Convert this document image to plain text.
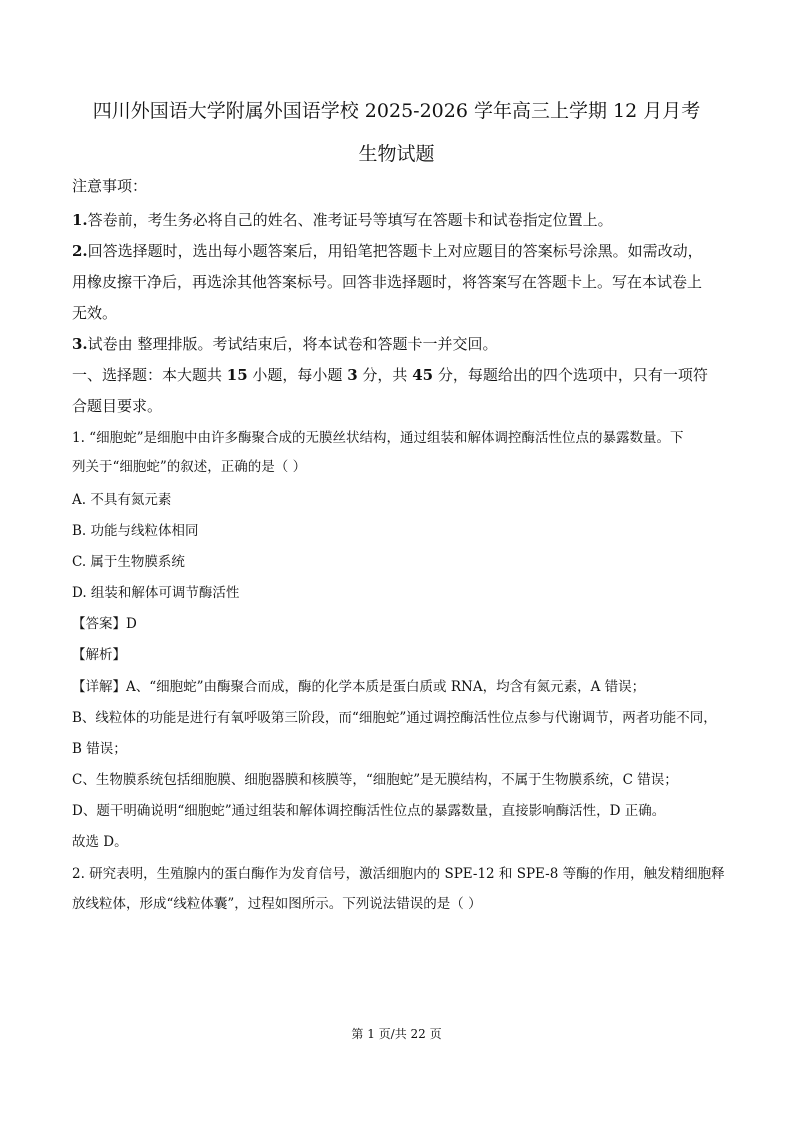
四川外国语大学附属外国语学校 2025-2026 学年高三上学期 12 月月考
生物试题
注意事项：
1.答卷前，考生务必将自己的姓名、准考证号等填写在答题卡和试卷指定位置上。
2.回答选择题时，选出每小题答案后，用铅笔把答题卡上对应题目的答案标号涂黑。如需改动，
用橡皮擦干净后，再选涂其他答案标号。回答非选择题时，将答案写在答题卡上。写在本试卷上
无效。
3.试卷由 整理排版。考试结束后，将本试卷和答题卡一并交回。
一、选择题：本大题共 15 小题，每小题 3 分，共 45 分，每题给出的四个选项中，只有一项符
合题目要求。
1. “细胞蛇”是细胞中由许多酶聚合成的无膜丝状结构，通过组装和解体调控酶活性位点的暴露数量。下
列关于“细胞蛇”的叙述，正确的是（ ）
A. 不具有氮元素
B. 功能与线粒体相同
C. 属于生物膜系统
D. 组装和解体可调节酶活性
【答案】D
【解析】
【详解】A、“细胞蛇”由酶聚合而成，酶的化学本质是蛋白质或 RNA，均含有氮元素，A 错误；
B、线粒体的功能是进行有氧呼吸第三阶段，而“细胞蛇”通过调控酶活性位点参与代谢调节，两者功能不同，
B 错误；
C、生物膜系统包括细胞膜、细胞器膜和核膜等，“细胞蛇”是无膜结构，不属于生物膜系统，C 错误；
D、题干明确说明“细胞蛇”通过组装和解体调控酶活性位点的暴露数量，直接影响酶活性，D 正确。
故选 D。
2. 研究表明，生殖腺内的蛋白酶作为发育信号，激活细胞内的 SPE-12 和 SPE-8 等酶的作用，触发精细胞释
放线粒体，形成“线粒体囊”，过程如图所示。下列说法错误的是（ ）
第 1 页/共 22 页
